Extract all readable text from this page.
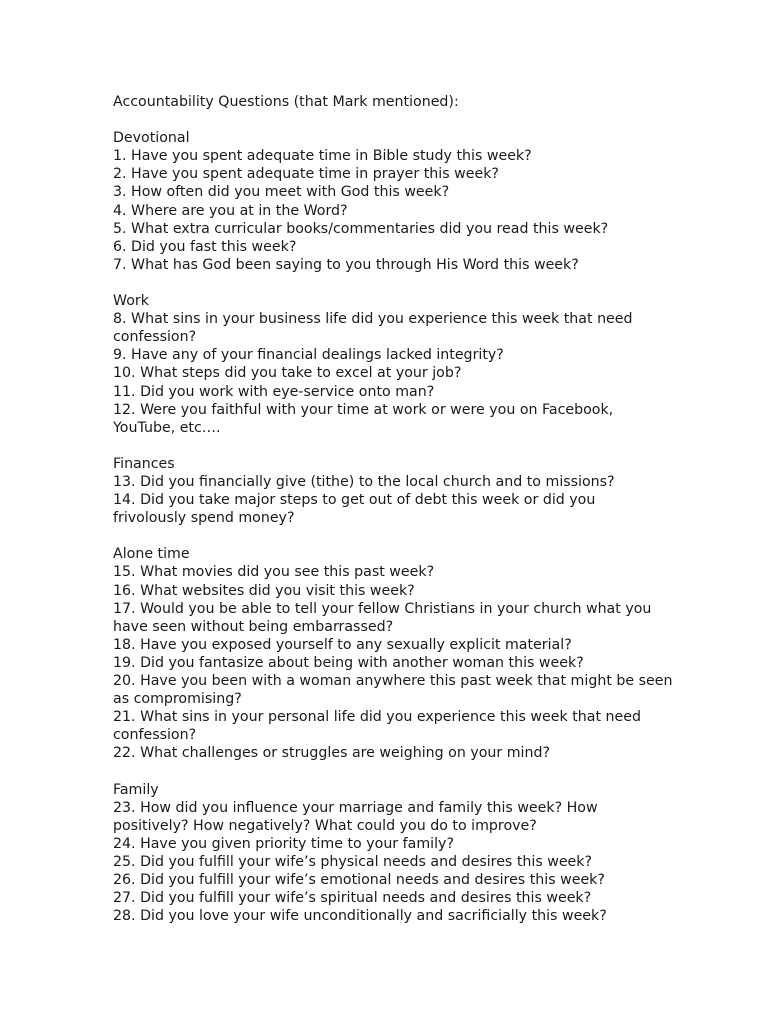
Accountability Questions (that Mark mentioned):

Devotional

1. Have you spent adequate time in Bible study this week?
2. Have you spent adequate time in prayer this week?
3. How often did you meet with God this week?
4. Where are you at in the Word?
5. What extra curricular books/commentaries did you read this week?
6. Did you fast this week?
7. What has God been saying to you through His Word this week?

Work

8. What sins in your business life did you experience this week that need confession?
9. Have any of your financial dealings lacked integrity?
10. What steps did you take to excel at your job?
11. Did you work with eye-service onto man?
12. Were you faithful with your time at work or were you on Facebook, YouTube, etc….

Finances

13. Did you financially give (tithe) to the local church and to missions?
14. Did you take major steps to get out of debt this week or did you frivolously spend money?

Alone time

15. What movies did you see this past week?
16. What websites did you visit this week?
17. Would you be able to tell your fellow Christians in your church what you have seen without being embarrassed?
18. Have you exposed yourself to any sexually explicit material?
19. Did you fantasize about being with another woman this week?
20. Have you been with a woman anywhere this past week that might be seen as compromising?
21. What sins in your personal life did you experience this week that need confession?
22. What challenges or struggles are weighing on your mind?

Family

23. How did you influence your marriage and family this week? How positively? How negatively? What could you do to improve?
24. Have you given priority time to your family?
25. Did you fulfill your wife’s physical needs and desires this week?
26. Did you fulfill your wife’s emotional needs and desires this week?
27. Did you fulfill your wife’s spiritual needs and desires this week?
28. Did you love your wife unconditionally and sacrificially this week?
